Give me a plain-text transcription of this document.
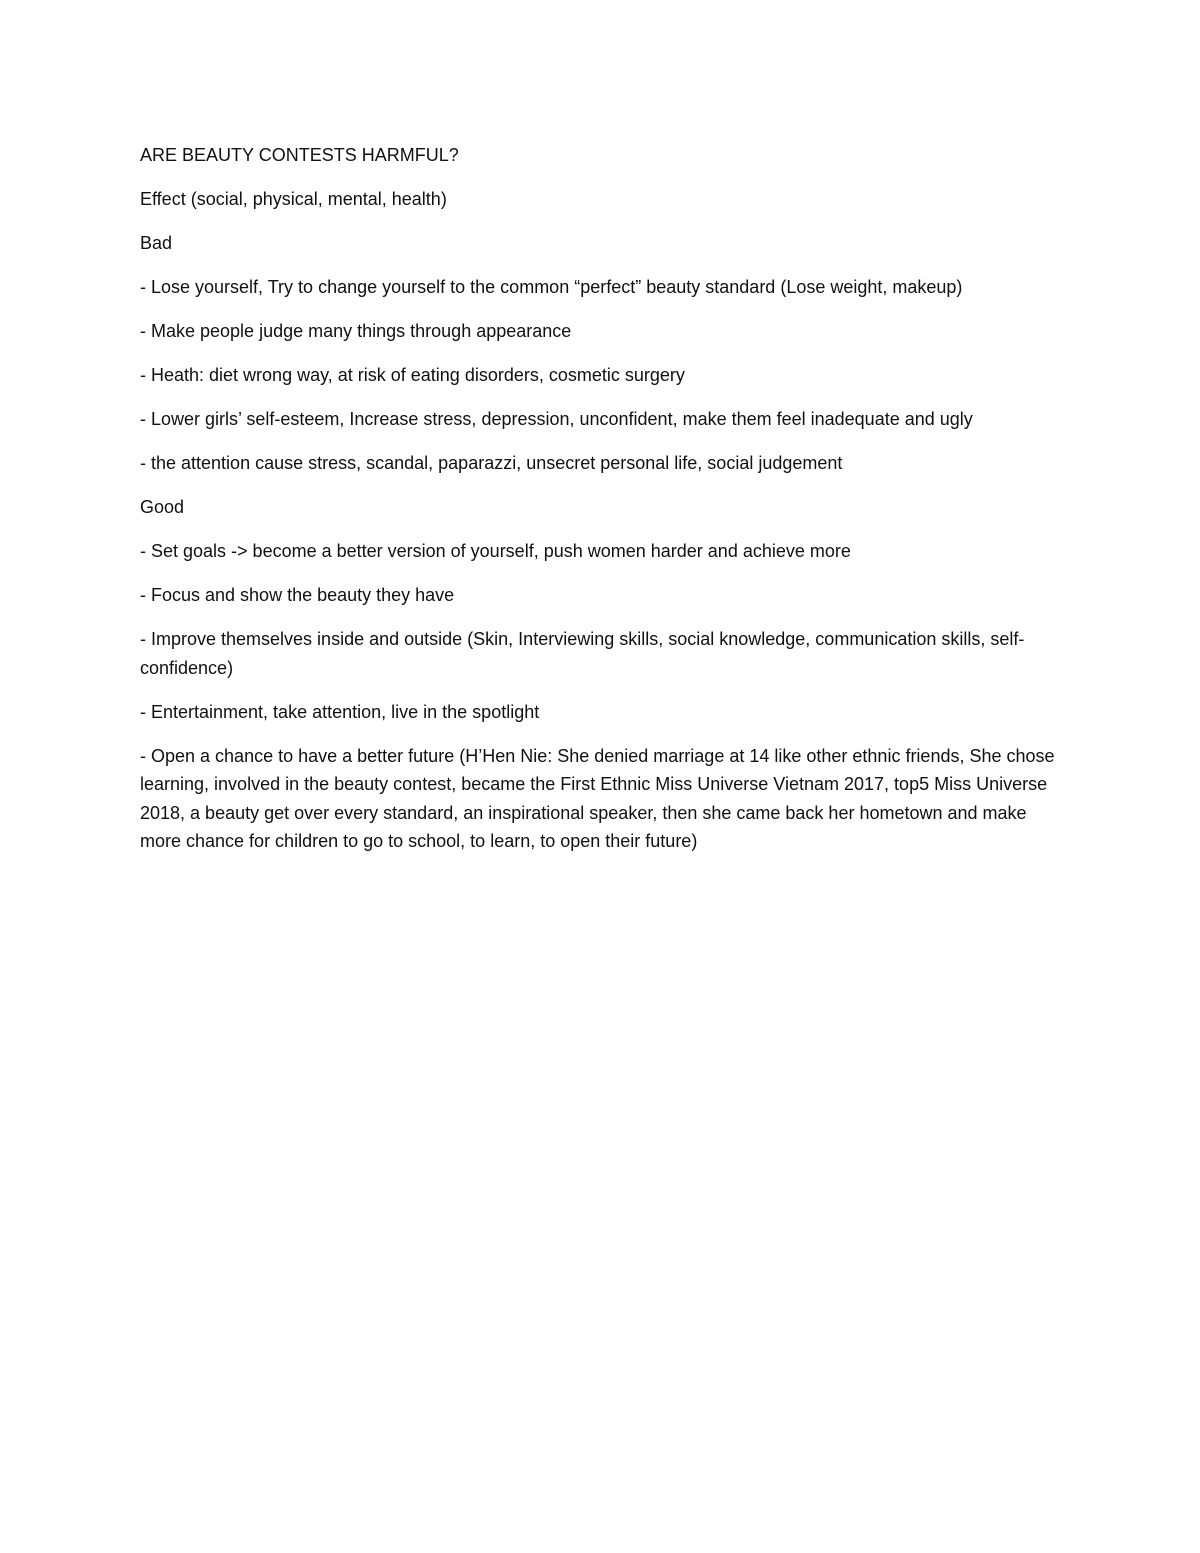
ARE BEAUTY CONTESTS HARMFUL?

Effect (social, physical, mental, health)

Bad

- Lose yourself, Try to change yourself to the common “perfect” beauty standard (Lose weight, makeup)

- Make people judge many things through appearance

- Heath: diet wrong way, at risk of eating disorders, cosmetic surgery

- Lower girls’ self-esteem, Increase stress, depression, unconfident, make them feel inadequate and ugly

- the attention cause stress, scandal, paparazzi, unsecret personal life, social judgement

Good

- Set goals -> become a better version of yourself, push women harder and achieve more

- Focus and show the beauty they have

- Improve themselves inside and outside (Skin, Interviewing skills, social knowledge, communication skills, self-confidence)

- Entertainment, take attention, live in the spotlight

- Open a chance to have a better future (H’Hen Nie: She denied marriage at 14 like other ethnic friends, She chose learning, involved in the beauty contest, became the First Ethnic Miss Universe Vietnam 2017, top5 Miss Universe 2018, a beauty get over every standard, an inspirational speaker, then she came back her hometown and make more chance for children to go to school, to learn, to open their future)
